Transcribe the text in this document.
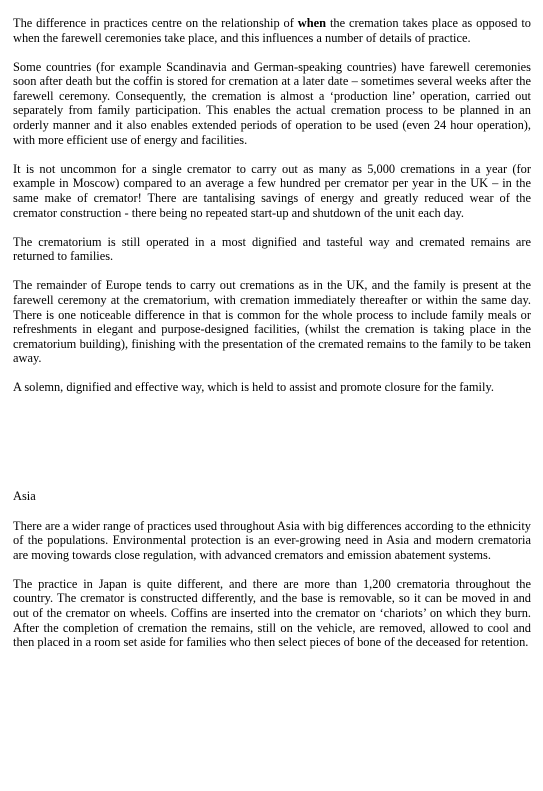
The difference in practices centre on the relationship of when the cremation takes place as opposed to when the farewell ceremonies take place, and this influences a number of details of practice.

Some countries (for example Scandinavia and German-speaking countries) have farewell ceremonies soon after death but the coffin is stored for cremation at a later date – sometimes several weeks after the farewell ceremony. Consequently, the cremation is almost a ‘production line’ operation, carried out separately from family participation. This enables the actual cremation process to be planned in an orderly manner and it also enables extended periods of operation to be used (even 24 hour operation), with more efficient use of energy and facilities.

It is not uncommon for a single cremator to carry out as many as 5,000 cremations in a year (for example in Moscow) compared to an average a few hundred per cremator per year in the UK – in the same make of cremator! There are tantalising savings of energy and greatly reduced wear of the cremator construction - there being no repeated start-up and shutdown of the unit each day.

The crematorium is still operated in a most dignified and tasteful way and cremated remains are returned to families.

The remainder of Europe tends to carry out cremations as in the UK, and the family is present at the farewell ceremony at the crematorium, with cremation immediately thereafter or within the same day. There is one noticeable difference in that is common for the whole process to include family meals or refreshments in elegant and purpose-designed facilities, (whilst the cremation is taking place in the crematorium building), finishing with the presentation of the cremated remains to the family to be taken away.

A solemn, dignified and effective way, which is held to assist and promote closure for the family.

Asia

There are a wider range of practices used throughout Asia with big differences according to the ethnicity of the populations. Environmental protection is an ever-growing need in Asia and modern crematoria are moving towards close regulation, with advanced cremators and emission abatement systems.

The practice in Japan is quite different, and there are more than 1,200 crematoria throughout the country. The cremator is constructed differently, and the base is removable, so it can be moved in and out of the cremator on wheels. Coffins are inserted into the cremator on ‘chariots’ on which they burn. After the completion of cremation the remains, still on the vehicle, are removed, allowed to cool and then placed in a room set aside for families who then select pieces of bone of the deceased for retention.
